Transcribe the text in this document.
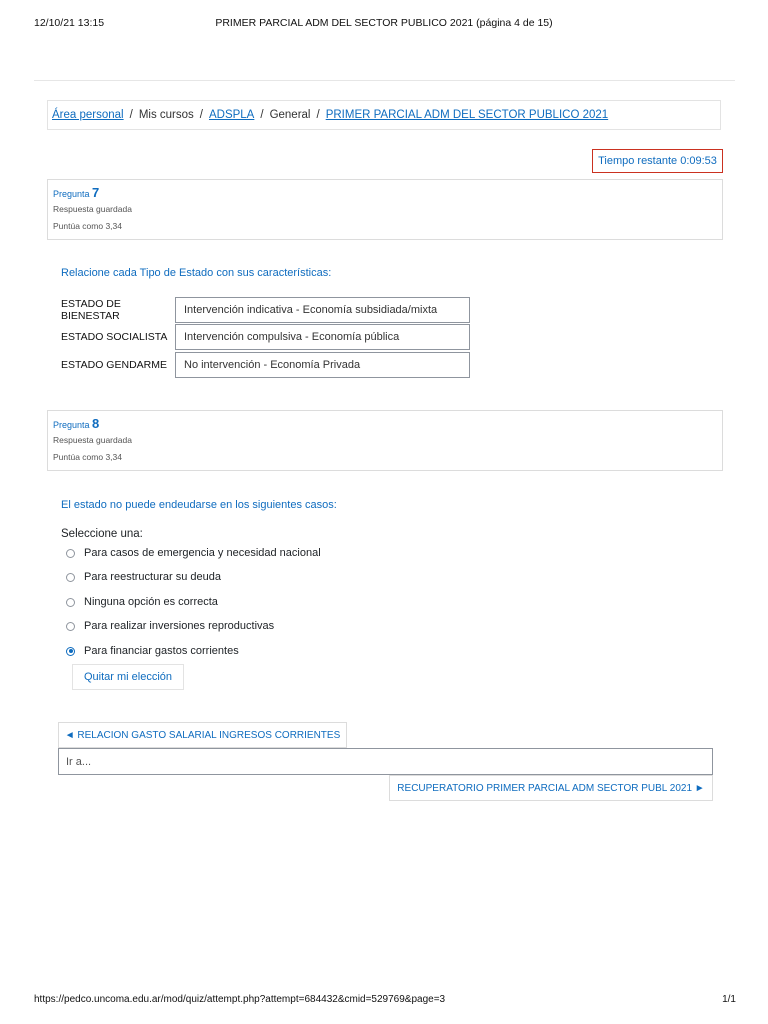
12/10/21 13:15	PRIMER PARCIAL ADM DEL SECTOR PUBLICO 2021 (página 4 de 15)
Área personal / Mis cursos / ADSPLA / General / PRIMER PARCIAL ADM DEL SECTOR PUBLICO 2021
Tiempo restante 0:09:53
Pregunta 7
Respuesta guardada
Puntúa como 3,34
Relacione cada Tipo de Estado con sus características:
ESTADO DE BIENESTAR	Intervención indicativa - Economía subsidiada/mixta
ESTADO SOCIALISTA	Intervención compulsiva - Economía pública
ESTADO GENDARME	No intervención - Economía Privada
Pregunta 8
Respuesta guardada
Puntúa como 3,34
El estado no puede endeudarse en los siguientes casos:
Seleccione una:
Para casos de emergencia y necesidad nacional
Para reestructurar su deuda
Ninguna opción es correcta
Para realizar inversiones reproductivas
Para financiar gastos corrientes
Quitar mi elección
◄ RELACION GASTO SALARIAL INGRESOS CORRIENTES
Ir a...
RECUPERATORIO PRIMER PARCIAL ADM SECTOR PUBL 2021 ►
https://pedco.uncoma.edu.ar/mod/quiz/attempt.php?attempt=684432&cmid=529769&page=3	1/1
